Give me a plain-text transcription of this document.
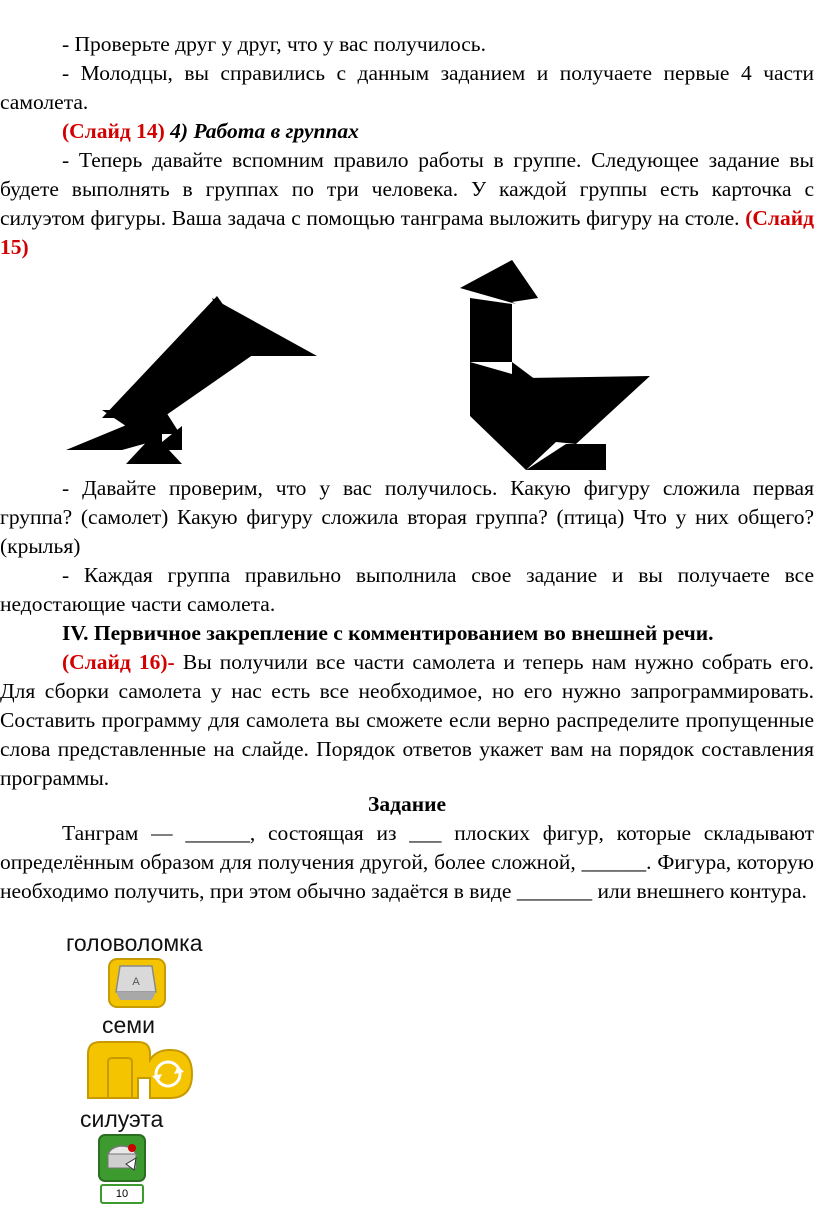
- Проверьте друг у друг, что у вас получилось.

- Молодцы, вы справились с данным заданием и получаете первые 4 части самолета.

(Слайд 14) 4) Работа в группах

- Теперь давайте вспомним правило работы в группе. Следующее задание вы будете выполнять в группах по три человека. У каждой группы есть карточка с силуэтом фигуры. Ваша задача с помощью танграма выложить фигуру на столе. (Слайд 15)

- Давайте проверим, что у вас получилось. Какую фигуру сложила первая группа? (самолет) Какую фигуру сложила вторая группа? (птица) Что у них общего? (крылья)

- Каждая группа правильно выполнила свое задание и вы получаете все недостающие части самолета.

IV. Первичное закрепление с комментированием во внешней речи.

(Слайд 16)- Вы получили все части самолета и теперь нам нужно собрать его. Для сборки самолета у нас есть все необходимое, но его нужно запрограммировать. Составить программу для самолета вы сможете если верно распределите пропущенные слова представленные на слайде. Порядок ответов укажет вам на порядок составления программы.

Задание

Танграм — ______, состоящая из ___ плоских фигур, которые складывают определённым образом для получения другой, более сложной, ______. Фигура, которую необходимо получить, при этом обычно задаётся в виде _______ или внешнего контура.

головоломка
A
семи
силуэта
10
